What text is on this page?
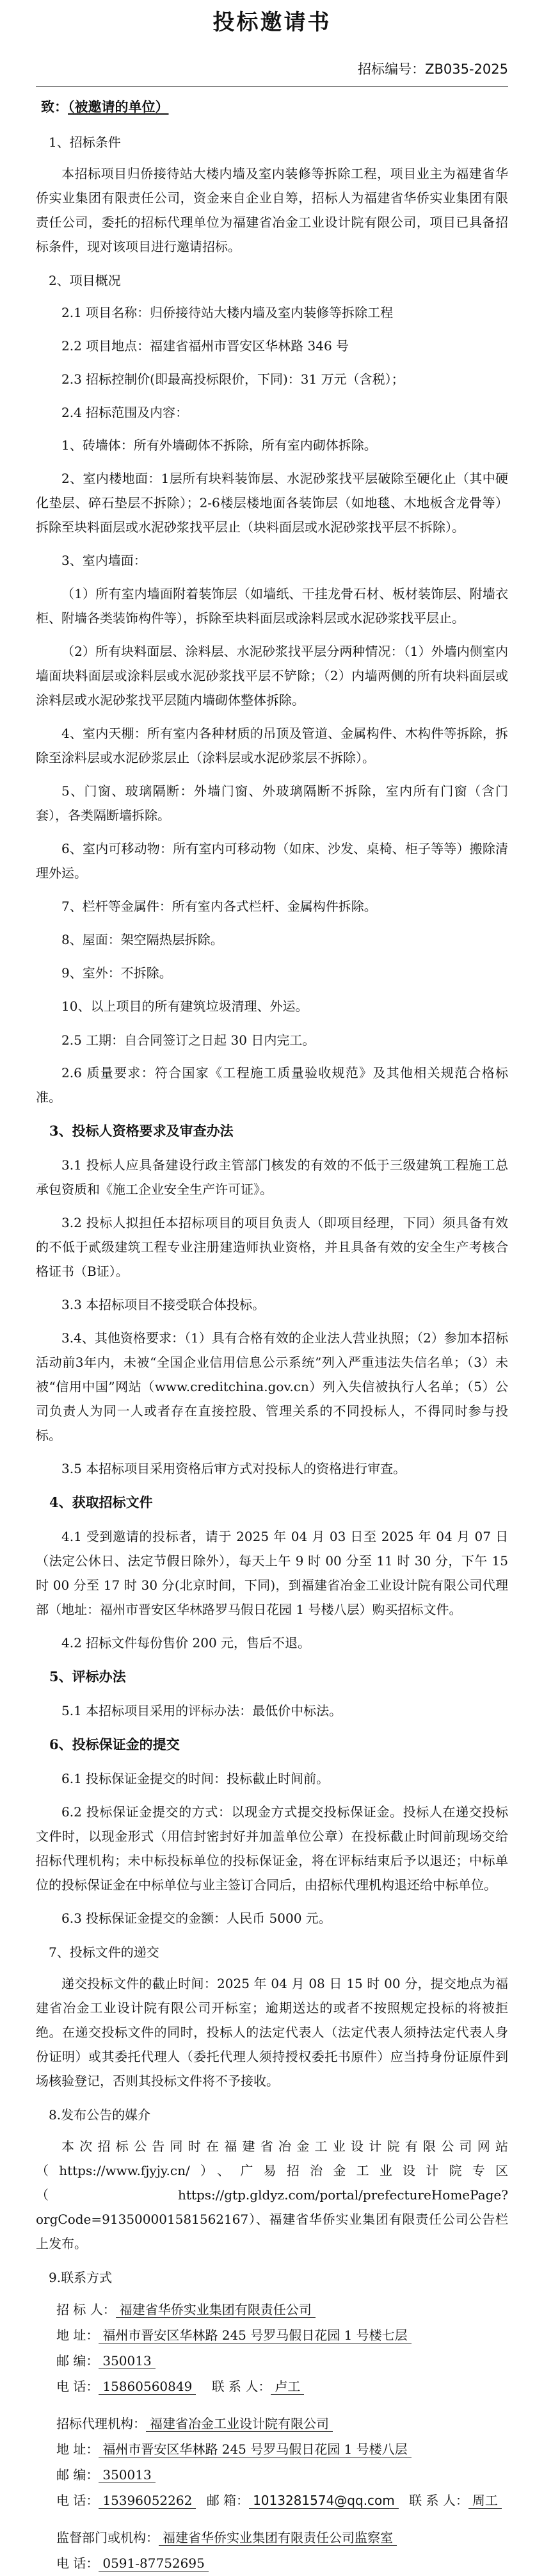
投标邀请书
招标编号：ZB035-2025
致：（被邀请的单位）
1、招标条件

本招标项目归侨接待站大楼内墙及室内装修等拆除工程，项目业主为福建省华侨实业集团有限责任公司，资金来自企业自筹，招标人为福建省华侨实业集团有限责任公司，委托的招标代理单位为福建省冶金工业设计院有限公司，项目已具备招标条件，现对该项目进行邀请招标。

2、项目概况
2.1 项目名称：归侨接待站大楼内墙及室内装修等拆除工程
2.2 项目地点：福建省福州市晋安区华林路 346 号
2.3 招标控制价(即最高投标限价，下同)：31 万元（含税）；
2.4 招标范围及内容：

1、砖墙体：所有外墙砌体不拆除，所有室内砌体拆除。

2、室内楼地面：1层所有块料装饰层、水泥砂浆找平层破除至硬化止（其中硬化垫层、碎石垫层不拆除）；2-6楼层楼地面各装饰层（如地毯、木地板含龙骨等）拆除至块料面层或水泥砂浆找平层止（块料面层或水泥砂浆找平层不拆除）。

3、室内墙面：

（1）所有室内墙面附着装饰层（如墙纸、干挂龙骨石材、板材装饰层、附墙衣柜、附墙各类装饰构件等），拆除至块料面层或涂料层或水泥砂浆找平层止。

（2）所有块料面层、涂料层、水泥砂浆找平层分两种情况：（1）外墙内侧室内墙面块料面层或涂料层或水泥砂浆找平层不铲除；（2）内墙两侧的所有块料面层或涂料层或水泥砂浆找平层随内墙砌体整体拆除。

4、室内天棚：所有室内各种材质的吊顶及管道、金属构件、木构件等拆除，拆除至涂料层或水泥砂浆层止（涂料层或水泥砂浆层不拆除）。

5、门窗、玻璃隔断：外墙门窗、外玻璃隔断不拆除，室内所有门窗（含门套），各类隔断墙拆除。

6、室内可移动物：所有室内可移动物（如床、沙发、桌椅、柜子等等）搬除清理外运。

7、栏杆等金属件：所有室内各式栏杆、金属构件拆除。

8、屋面：架空隔热层拆除。

9、室外：不拆除。

10、以上项目的所有建筑垃圾清理、外运。

2.5 工期：自合同签订之日起 30 日内完工。

2.6 质量要求：符合国家《工程施工质量验收规范》及其他相关规范合格标准。

3、投标人资格要求及审查办法

3.1 投标人应具备建设行政主管部门核发的有效的不低于三级建筑工程施工总承包资质和《施工企业安全生产许可证》。

3.2 投标人拟担任本招标项目的项目负责人（即项目经理，下同）须具备有效的不低于贰级建筑工程专业注册建造师执业资格，并且具备有效的安全生产考核合格证书（B证）。

3.3 本招标项目不接受联合体投标。

3.4、其他资格要求：（1）具有合格有效的企业法人营业执照；（2）参加本招标活动前3年内，未被“全国企业信用信息公示系统”列入严重违法失信名单；（3）未被“信用中国”网站（www.creditchina.gov.cn）列入失信被执行人名单；（5）公司负责人为同一人或者存在直接控股、管理关系的不同投标人，不得同时参与投标。

3.5 本招标项目采用资格后审方式对投标人的资格进行审查。

4、获取招标文件

4.1 受到邀请的投标者，请于 2025 年 04 月 03 日至 2025 年 04 月 07 日（法定公休日、法定节假日除外），每天上午 9 时 00 分至 11 时 30 分，下午 15 时 00 分至 17 时 30 分(北京时间，下同)，到福建省冶金工业设计院有限公司代理部（地址：福州市晋安区华林路罗马假日花园 1 号楼八层）购买招标文件。

4.2 招标文件每份售价 200 元，售后不退。

5、评标办法

5.1 本招标项目采用的评标办法：最低价中标法。

6、投标保证金的提交

6.1 投标保证金提交的时间：投标截止时间前。

6.2 投标保证金提交的方式：以现金方式提交投标保证金。投标人在递交投标文件时，以现金形式（用信封密封好并加盖单位公章）在投标截止时间前现场交给招标代理机构；未中标投标单位的投标保证金，将在评标结束后予以退还；中标单位的投标保证金在中标单位与业主签订合同后，由招标代理机构退还给中标单位。

6.3 投标保证金提交的金额：人民币 5000 元。

7、投标文件的递交

递交投标文件的截止时间：2025 年 04 月 08 日 15 时 00 分，提交地点为福建省冶金工业设计院有限公司开标室；逾期送达的或者不按照规定投标的将被拒绝。在递交投标文件的同时，投标人的法定代表人（法定代表人须持法定代表人身份证明）或其委托代理人（委托代理人须持授权委托书原件）应当持身份证原件到场核验登记，否则其投标文件将不予接收。

8.发布公告的媒介

本次招标公告同时在福建省冶金工业设计院有限公司网站（https://www.fjyjy.cn/）、广易招治金工业设计院专区（https://gtp.gldyz.com/portal/prefectureHomePage?orgCode=913500001581562167）、福建省华侨实业集团有限责任公司公告栏上发布。

9.联系方式
招 标 人： 福建省华侨实业集团有限责任公司
地 址： 福州市晋安区华林路 245 号罗马假日花园 1 号楼七层
邮 编： 350013
电 话： 15860560849 联 系 人： 卢工
招标代理机构： 福建省冶金工业设计院有限公司
地 址： 福州市晋安区华林路 245 号罗马假日花园 1 号楼八层
邮 编： 350013
电 话： 15396052262 邮 箱： 1013281574@qq.com 联 系 人： 周工
监督部门或机构： 福建省华侨实业集团有限责任公司监察室
电 话： 0591-87752695
